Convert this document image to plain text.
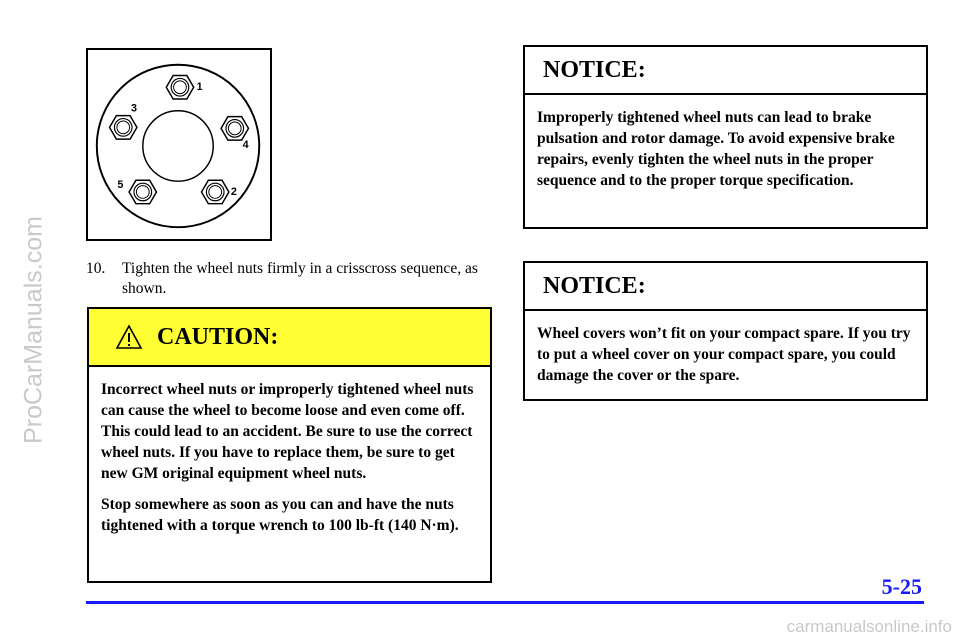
ProCarManuals.com
1
2
3
4
5
10. Tighten the wheel nuts firmly in a crisscross sequence, as shown.
CAUTION:

Incorrect wheel nuts or improperly tightened wheel nuts can cause the wheel to become loose and even come off. This could lead to an accident. Be sure to use the correct wheel nuts. If you have to replace them, be sure to get new GM original equipment wheel nuts.

Stop somewhere as soon as you can and have the nuts tightened with a torque wrench to 100 lb-ft (140 N·m).

NOTICE:

Improperly tightened wheel nuts can lead to brake pulsation and rotor damage. To avoid expensive brake repairs, evenly tighten the wheel nuts in the proper sequence and to the proper torque specification.

NOTICE:

Wheel covers won’t fit on your compact spare. If you try to put a wheel cover on your compact spare, you could damage the cover or the spare.

5-25
carmanualsonline.info
